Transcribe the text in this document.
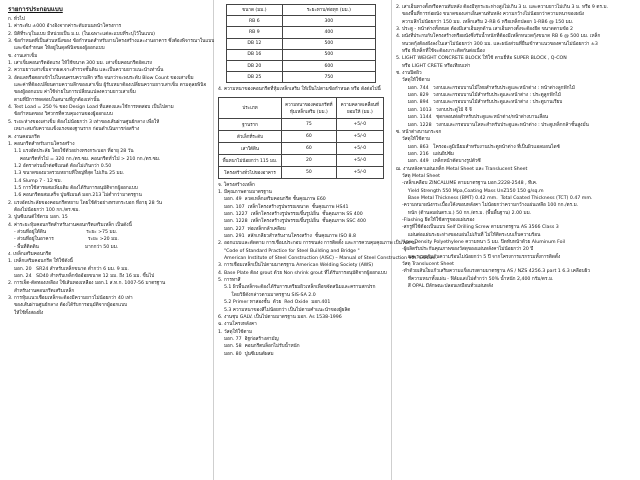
รายการประกอบแบบ
ก. ทั่วไป
1. ค่าระดับ ±000 อ้างอิงจากค่าระดับถนนหน้าโครงการ
2. มิติที่ระบุในแบบ มีหน่วยเป็น ม.ม. (ในเฉพาะแต่ละแบบที่ระบุไว้ในแบบ)
3. ข้อกำหนดที่เป็นส่วนหนึ่งของ ข้อกำหนดสำหรับงานโครงสร้างและงานอาคาร ซึ่งต้องพิจารณาในแบบ
และข้อกำหนด ให้อยู่ในดุลพินิจของผู้ออกแบบ
ข. งานเสาเข็ม
1. เสาเข็มคอนกรีตอัดแรง ให้ใช้ขนาด 300 มม. เสาเข็มคอนกรีตอัดแรง
2. ความยาวเสาเข็มจากผลเจาะสำรวจชั้นดิน และเป็นความยาวแนะนำเท่านั้น
3. อัดแลหรือตอกเข้าไปในจนครบความลึก หรือ จนกว่าจะพบระดับ Blow Count ของเสาเข็ม
และค่าที่ต้องเปลี่ยนตามความลึกของเสาเข็ม ผู้รับเหมาต้องเปลี่ยนความยาวเสาเข็ม ตามดุลยพินิจ
ของผู้ออกแบบ ค่าใช้จ่ายในการเปลี่ยนแปลงความยาวเสาเข็ม
ตามที่มีการทดสอบในสนามที่ถูกต้องเท่านั้น
4. Test Load = 250 % ของ Design Load ที่แสดงและใช้การทดสอบ เป็นไปตาม
ข้อกำหนดของ วิศวกรที่ควบคุมงานของผู้ออกแบบ
5. ระยะห่างของเสาเข็ม ต้องไม่น้อยกว่า 3 เท่าของเส้นผ่านศูนย์กลาง เพื่อให้
เหมาะสมกับความแข็งแรงของฐานราก ก่อนดำเนินการก่อสร้าง
ค. งานคอนกรีต
1. คอนกรีตสำหรับงานโครงสร้าง
1.1 แรงอัดประลัย โดยใช้ตัวอย่างทรงกระบอก ที่อายุ 28 วัน
คอนกรีตทั่วไป = 320 กก./ตร.ซม. คอนกรีตทั่วไป > 210 กก./ตร.ซม.
1.2 อัตราส่วนน้ำต่อซีเมนต์ ต้องไม่เกินกว่า 0.50
1.3 ขนาดของมวลรวมหยาบที่ใหญ่ที่สุด ไม่เกิน 25 มม.
1.4 Slump 7 - 12 ซม.
1.5 การใช้สารผสมเพิ่มเติม ต้องได้รับการอนุมัติจากผู้ออกแบบ
1.6 คอนกรีตผสมเสร็จ ปูนซีเมนต์ มอก.213 ไม่ต่ำกว่ามาตรฐาน
2. แรงอัดประลัยของคอนกรีตหยาบ โดยใช้ตัวอย่างทรงกระบอก ที่อายุ 28 วัน
ต้องไม่น้อยกว่า 100 กก./ตร.ซม.
3. ปูนซีเมนต์ใช้ตาม มอก. 15
4. ค่าระยะหุ้มคอนกรีตสำหรับงานคอนกรีตเสริมเหล็ก เป็นดังนี้
- ส่วนที่อยู่ใต้ดิน                           ระยะ >75 มม.
- ส่วนที่อยู่ในอาคาร                       ระยะ >20 มม.
- พื้นที่ติดดิน                               มากกว่า 50 มม.
ง. เหล็กเสริมคอนกรีต
1. เหล็กเสริมคอนกรีต ให้ใช้ดังนี้
มอก. 20   SR24 สำหรับเหล็กขนาด ต่ำกว่า 6 มม. 9 มม.
มอก. 24   SD40 สำหรับเหล็กข้ออ้อยขนาด 12 มม. ถึง 16 มม. ขึ้นไป
2. การเจ็ต-ตัดทองเหลือง ใช้เส้นทองเหลือง มอก.1 ส.ท.ก. 1007-56 มาตรฐาน
สำหรับงานคอนกรีตเสริมเหล็ก
3. การหุ้มแนวเชื่อมเหล็กจะต้องมีความยาวไม่น้อยกว่า 40 เท่า
ของเส้นผ่านศูนย์กลาง ต้องได้รับการอนุมัติจากผู้ออกแบบ
ให้ใช้ทั้งสองฝั่ง
ขนาด (มม.)	ระยะทาบ/ต่อทุก (มม.)
RB 6	300
RB 9	400
DB 12	500
DB 16	500
DB 20	600
DB 25	750
4. ความหนาของคอนกรีตที่หุ้มเหล็กเสริม ให้เป็นไปตามข้อกำหนด หรือ ดังต่อไปนี้
ประเภท	ความหนาของคอนกรีตที่หุ้มเหล็กเสริม (มม.)	ความคลาดเคลื่อนที่ยอมให้ (มม.)
ฐานราก	75	+5/-0
ตัวเล็กที่ระดับ	60	+5/-0
เสาใต้ดิน	60	+5/-0
พื้นหนาไม่น้อยกว่า 115 มม.	20	+5/-0
โครงสร้างทั่วไปของอาคาร	50	+5/-0
จ. โครงสร้างเหล็ก
1. มีคุณภาพตามมาตรฐาน
มอก. 49  ลวดเหล็กเสริมคอนกรีต ชั้นคุณภาพ E60
มอก. 107  เหล็กโครงสร้างรูปพรรณขนาด  ชั้นคุณภาพ HS41
มอก. 1227  เหล็กโครงสร้างรูปพรรณขึ้นรูปเย็น  ชั้นคุณภาพ SS 400
มอก. 1228  เหล็กโครงสร้างรูปพรรณขึ้นรูปเย็น  ชั้นคุณภาพ SSC 400
มอก. 227  ท่อเหล็กกล้าเคลือบ
มอก. 291  สลักเกลียวสำหรับงานโครงสร้าง  ชั้นคุณภาพ ISO 8.8
2. ออกแบบและตัดตาม การเชื่อมประกอบ การขนส่ง การติดตั้ง และการควบคุมคุณภาพ เป็นไปตาม
"Code of Standard Practice for Steel Building and Bridge "
American Institute of Steel Construction (AISC) – Manual of Steel Construction 9th. Edition.
3. การเชื่อมเหล็กเป็นไปตามมาตรฐาน American Welding Society (AWS)
4. Base Plate ต้อง grout ด้วย Non shrink grout ที่ได้รับการอนุมัติจากผู้ออกแบบ
5. การทาสี
5.1 ผิวพื้นเหล็กจะต้องได้รับการเตรียมผิวเหล็กเพื่อขจัดสนิมและคราบสกปรก
โดยวิธีดังกล่าวตามมาตรฐาน SIS-SA 2.0
5.2 Primer ทาสองชั้น  ด้วย  Red Oxide  มอก.401
5.3 ความหนาของสีไม่น้อยกว่า เป็นไปตามคำแนะนำของผู้ผลิต
6. งานชุบ GALV. เป็นไปตามมาตรฐาน มอก. As 1538-1996
ฉ. งานโครงหลังคา
1. วัสดุให้ใช้ตาม
มอก. 77  อิฐก่อสร้างสามัญ
มอก. 58  คอนกรีตบล็อกไม่รับน้ำหนัก
มอก. 80  ปูนซีเมนต์ผสม
2. เสาเอ็นทางตั้งหรือคานทับหลัง ต้องมีทุกระยะห่างสูงไม่เกิน 3 ม. และความยาวไม่เกิน 3 ม. หรือ 9 ตร.ม.
ของพื้นที่การก่อผนัง ขนาดของเสาเอ็นคานทับหลัง ความกว้างไม่น้อยกว่าความหนาของผนัง
ความลึกไม่น้อยกว่า 150 มม. เหล็กเสริม 2-RB 6 หรือเหล็กปลอก 1-RB6 @ 150 มม.
3. ประตู - หน้าต่างทั้งหมด ต้องมีเสาเอ็นทุกด้าน เสาเอ็นทางตั้งจะต้องยึด ขนาดตามข้อ 2
4. ผนังที่ประกบกับโครงสร้างหรือผนังซึ่งรับน้ำหนักที่ต้องมีเหล็กหนวดกุ้งขนาด RB 6 @ 500 มม. เหล็ก
หนวดกุ้งต้องฝังลงในเสาไม่น้อยกว่า 300 มม. และผนังส่วนที่ยื่นเข้าหาแนวของคานไม่น้อยกว่า ±3
หรือ ที่เหล็กที่ใช้จะต้องเกาะติดกันต่อเนื่อง
5. LIGHT WEIGHT CONCRETE BLOCK ให้ใช้ ตามยี่ห้อ SUPER BLOCK , Q-CON
หรือ LIGHT CRETE หรือเทียบเท่า
ช. งานปิดผิว
วัสดุให้ใช้ตาม
มอก. 744   วงกบและกรอบบานไม้ไทยสำหรับประตูและหน้าต่าง : หน้าต่างลูกฟักไม้
มอก. 829   วงกบและกรอบบานไม้สำหรับประตูและหน้าต่าง : ประตูลูกฟักไม้
มอก. 894   วงกบและกรอบบานไม้สำหรับประตูและหน้าต่าง : ประตูบานเรียบ
มอก. 1013   วงกบประตูไม้ จี จี
มอก. 1144   ชุดกลอนท่อสำหรับประตูและหน้าต่าง/หน้าต่างบานเลื่อน
มอก. 1228   วงกบและกรอบบานโลหะสำหรับประตูและหน้าต่าง : ประตูเหล็กกล้าชั้นสูงมั่น
ซ. หน้าต่างบานกระจก
วัสดุให้ใช้ตาม
มอก. 863   โครงอะลูมิเนียมสำหรับงานประตูหน้าต่าง ที่เป็นผิวแอลมอนไดซ์
มอก. 216   แผ่นยิปซัม
มอก. 449   เหล็กหน้าตัดบางรูปตัวซี
ฌ. งานหลังคาแผ่นเหล็ก Metal Sheet และ Translucent Sheet
วัสดุ Metal Sheet
-เหล็กเคลือบ ZINCALUME ตามมาตรฐาน มอก.2228-2548 , ทีเค.
Yield Strength 550 Mpa,Coating Mass UnZ150 150 g/sq.m
Base Metal Thickness (BMT) 0.42 mm.  Total Coated Thickness (TCT) 0.47 mm.
-ความหนาผนังกระเบื้องโค้งขอบหลังคา ไม่น้อยกว่าความกว้างแผ่นเหลือ 100 กก./ตร.ม.
หนัก (ต้านลมฝนตร.ม.) 50 กก./ตร.ม. (พื้นพื้นฐาน) 2.00 มม.
-Flashing ยึดให้ใช้สกรูของแผ่นรอง
-สกรูที่ใช้ต้องเป็นแบบ Self Drilling Screw ตามมาตรฐาน AS 3566 Class 3
แผ่นต่อแผ่นระยะห่างของแผ่นไม่เกินที่ ไม่ให้ติดระบบเก็บความร้อน
-Low Density Polyethylene ความหนา 5 มม. ปิดทับหน้าด้วย Aluminum Foil
-ผู้ผลิตรับประกันคุณภาพของวัสดุของแผ่นหลังคาไม่น้อยกว่า 20 ปี
และระบบกันกันความร้อนไม่น้อยกว่า 5 ปี จากโครงการแรกรวมทั้งการติดตั้ง
วัสดุ Translucent Sheet
-ทำด้วยเส้นใยแก้วเสริมความแข็งแรงตามมาตรฐาน AS / NZS 4256.3 part 1 6.3 เคลือบผิว
ที่ความหนาทั้งแผ่น - ฟิล์มแสงไม่ต่ำกว่า 50% น้ำหนัก 2,400 กรัม/ตร.ม.
สี OPAL มีลักษณะปลอนเหมือนทั่วแผ่นหลัง
